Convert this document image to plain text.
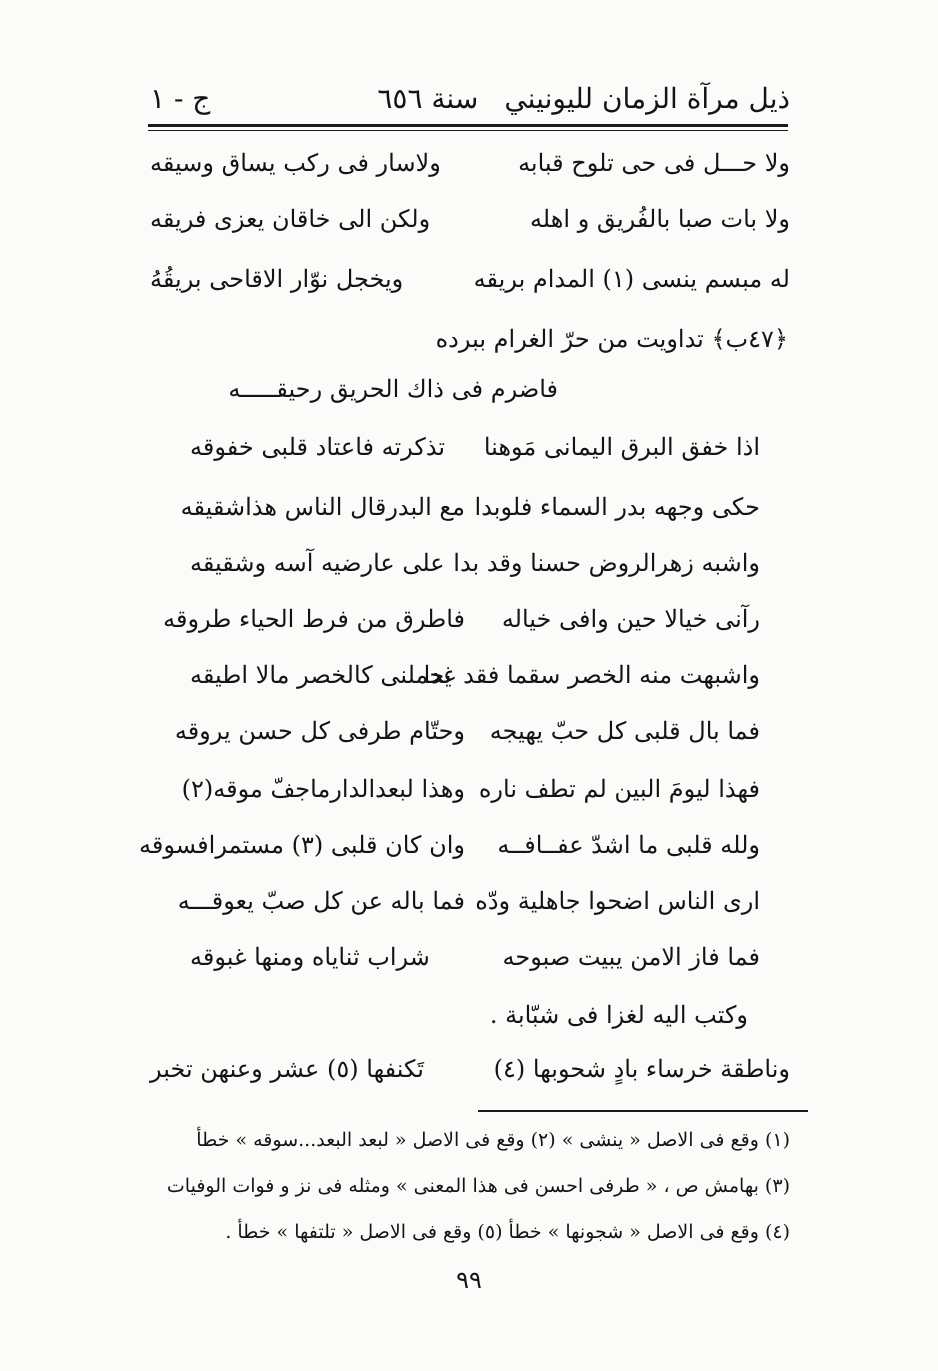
ذيل مرآة الزمان لليونيني
سنة ٦٥٦
ج - ١
ولا حـــل فى حى تلوح قبابه
ولاسار فى ركب يساق وسيقه
ولا بات صبا بالفُريق و اهله
ولكن الى خاقان يعزى فريقه
له مبسم ينسى (١) المدام بريقه
ويخجل نوّار الاقاحى بريقُهُ
﴿٤٧ب﴾ تداويت من حرّ الغرام ببرده
فاضرم فى ذاك الحريق رحيقـــــه
اذا خفق البرق اليمانى مَوهنا
تذكرته فاعتاد قلبى خفوقه
حكى وجهه بدر السماء فلوبدا
مع البدرقال الناس هذاشقيقه
واشبه زهرالروض حسنا وقد بدا
على عارضيه آسه وشقيقه
رآنى خيالا حين وافى خياله
فاطرق من فرط الحياء طروقه
واشبهت منه الخصر سقما فقد غدا
يحملنى كالخصر مالا اطيقه
فما بال قلبى كل حبّ يهيجه
وحتّام طرفى كل حسن يروقه
فهذا ليومَ البين لم تطف ناره
وهذا لبعدالدارماجفّ موقه(٢)
ولله قلبى ما اشدّ عفــافــه
وان كان قلبى (٣) مستمرافسوقه
ارى الناس اضحوا جاهلية ودّه
فما باله عن كل صبّ يعوقـــه
فما فاز الامن يبيت صبوحه
شراب ثناياه ومنها غبوقه
وكتب اليه لغزا فى شبّابة .
وناطقة خرساء بادٍ شحوبها (٤)
تَكنفها (٥) عشر وعنهن تخبر
(١) وقع فى الاصل « ينشى » (٢) وقع فى الاصل « لبعد البعد...سوقه » خطأ
(٣) بهامش ص ، « طرفى احسن فى هذا المعنى » ومثله فى نز و فوات الوفيات
(٤) وقع فى الاصل « شجونها » خطأ (٥) وقع فى الاصل « تلتفها » خطأ .
٩٩
